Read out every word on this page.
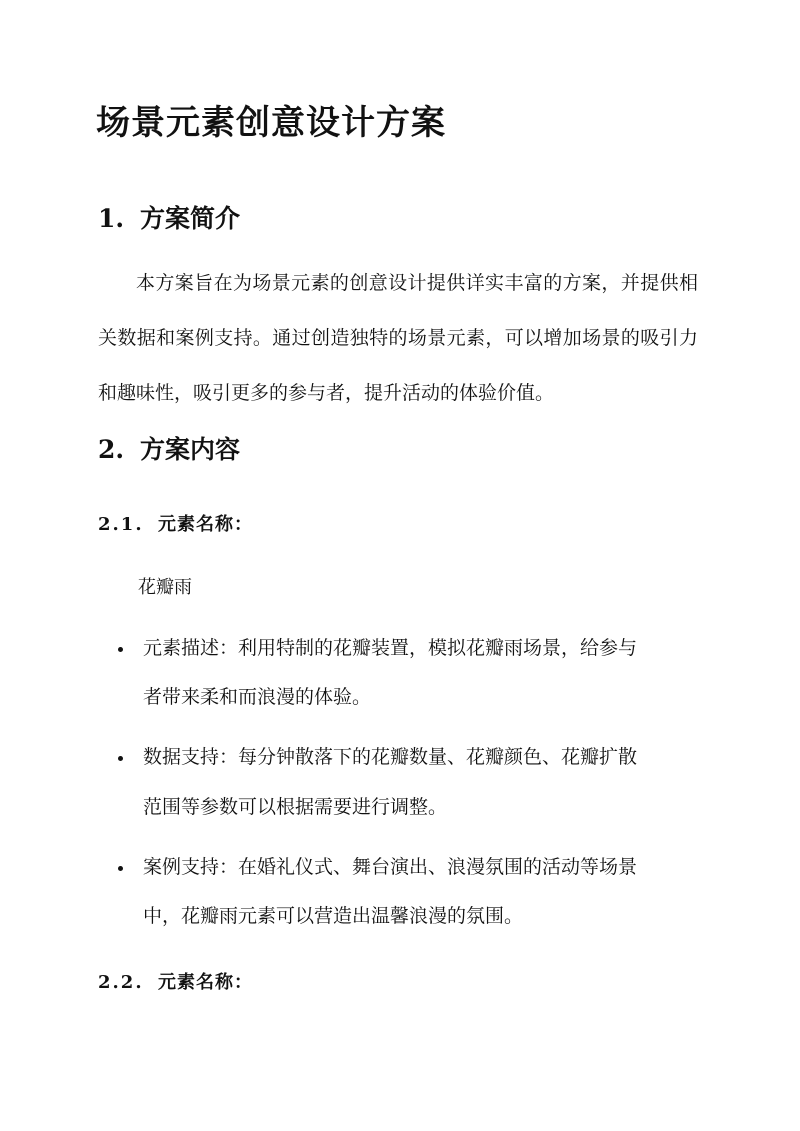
场景元素创意设计方案
1. 方案简介
本方案旨在为场景元素的创意设计提供详实丰富的方案，并提供相关数据和案例支持。通过创造独特的场景元素，可以增加场景的吸引力和趣味性，吸引更多的参与者，提升活动的体验价值。
2. 方案内容
2.1. 元素名称：
花瓣雨
元素描述：利用特制的花瓣装置，模拟花瓣雨场景，给参与
者带来柔和而浪漫的体验。
数据支持：每分钟散落下的花瓣数量、花瓣颜色、花瓣扩散
范围等参数可以根据需要进行调整。
案例支持：在婚礼仪式、舞台演出、浪漫氛围的活动等场景
中，花瓣雨元素可以营造出温馨浪漫的氛围。
2.2. 元素名称：
